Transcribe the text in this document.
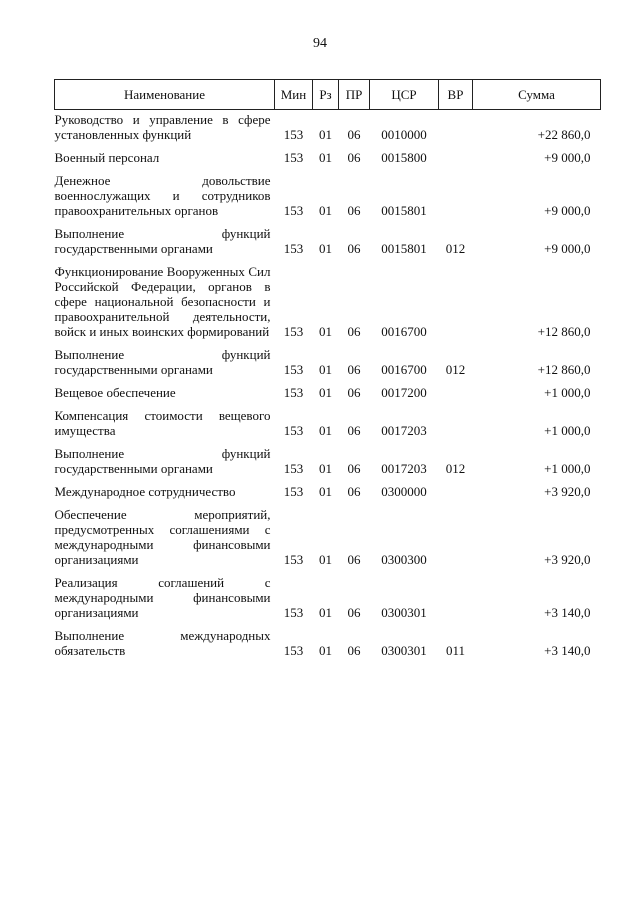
94
Наименование	Мин	Рз	ПР	ЦСР	ВР	Сумма

Руководство и управление в сфере установленных функций	153	01	06	0010000		+22 860,0

Военный персонал	153	01	06	0015800		+9 000,0

Денежное довольствие военнослужащих и сотрудников правоохранительных органов	153	01	06	0015801		+9 000,0

Выполнение функций государственными органами	153	01	06	0015801	012	+9 000,0

Функционирование Вооруженных Сил Российской Федерации, органов в сфере национальной безопасности и правоохранительной деятельности, войск и иных воинских формирований	153	01	06	0016700		+12 860,0

Выполнение функций государственными органами	153	01	06	0016700	012	+12 860,0

Вещевое обеспечение	153	01	06	0017200		+1 000,0

Компенсация стоимости вещевого имущества	153	01	06	0017203		+1 000,0

Выполнение функций государственными органами	153	01	06	0017203	012	+1 000,0

Международное сотрудничество	153	01	06	0300000		+3 920,0

Обеспечение мероприятий, предусмотренных соглашениями с международными финансовыми организациями	153	01	06	0300300		+3 920,0

Реализация соглашений с международными финансовыми организациями	153	01	06	0300301		+3 140,0

Выполнение международных обязательств	153	01	06	0300301	011	+3 140,0
